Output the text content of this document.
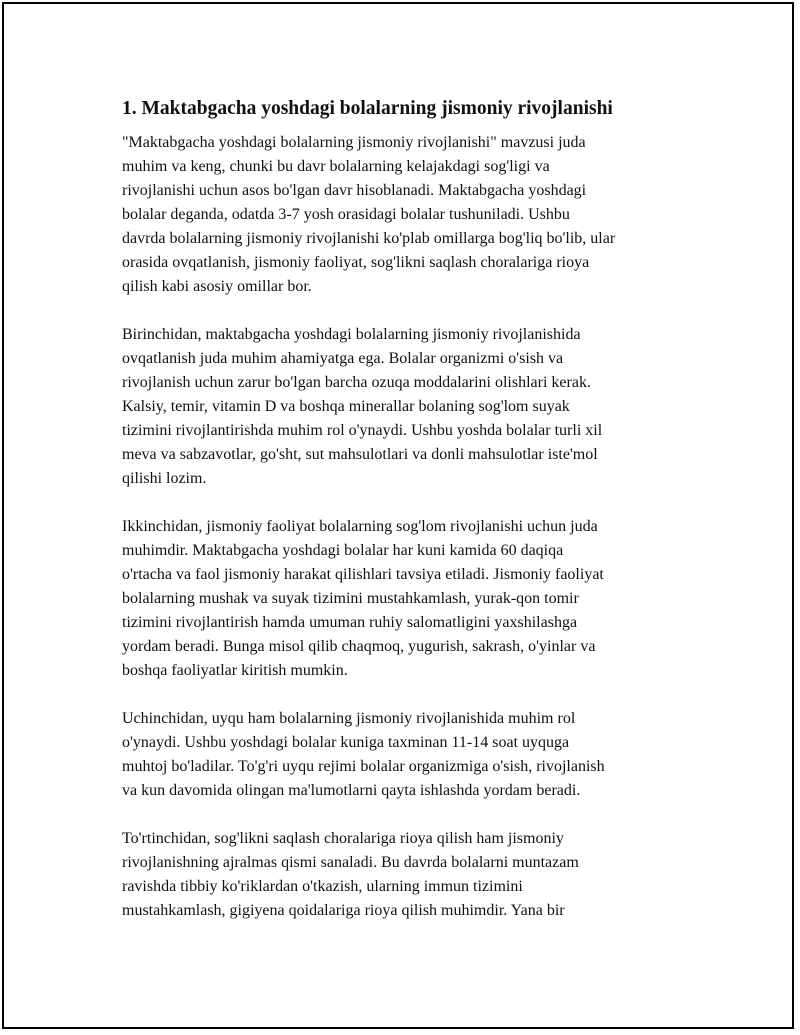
1. Maktabgacha yoshdagi bolalarning jismoniy rivojlanishi
"Maktabgacha yoshdagi bolalarning jismoniy rivojlanishi" mavzusi juda
muhim va keng, chunki bu davr bolalarning kelajakdagi sog'ligi va
rivojlanishi uchun asos bo'lgan davr hisoblanadi. Maktabgacha yoshdagi
bolalar deganda, odatda 3-7 yosh orasidagi bolalar tushuniladi. Ushbu
davrda bolalarning jismoniy rivojlanishi ko'plab omillarga bog'liq bo'lib, ular
orasida ovqatlanish, jismoniy faoliyat, sog'likni saqlash choralariga rioya
qilish kabi asosiy omillar bor.
Birinchidan, maktabgacha yoshdagi bolalarning jismoniy rivojlanishida
ovqatlanish juda muhim ahamiyatga ega. Bolalar organizmi o'sish va
rivojlanish uchun zarur bo'lgan barcha ozuqa moddalarini olishlari kerak.
Kalsiy, temir, vitamin D va boshqa minerallar bolaning sog'lom suyak
tizimini rivojlantirishda muhim rol o'ynaydi. Ushbu yoshda bolalar turli xil
meva va sabzavotlar, go'sht, sut mahsulotlari va donli mahsulotlar iste'mol
qilishi lozim.
Ikkinchidan, jismoniy faoliyat bolalarning sog'lom rivojlanishi uchun juda
muhimdir. Maktabgacha yoshdagi bolalar har kuni kamida 60 daqiqa
o'rtacha va faol jismoniy harakat qilishlari tavsiya etiladi. Jismoniy faoliyat
bolalarning mushak va suyak tizimini mustahkamlash, yurak-qon tomir
tizimini rivojlantirish hamda umuman ruhiy salomatligini yaxshilashga
yordam beradi. Bunga misol qilib chaqmoq, yugurish, sakrash, o'yinlar va
boshqa faoliyatlar kiritish mumkin.
Uchinchidan, uyqu ham bolalarning jismoniy rivojlanishida muhim rol
o'ynaydi. Ushbu yoshdagi bolalar kuniga taxminan 11-14 soat uyquga
muhtoj bo'ladilar. To'g'ri uyqu rejimi bolalar organizmiga o'sish, rivojlanish
va kun davomida olingan ma'lumotlarni qayta ishlashda yordam beradi.
To'rtinchidan, sog'likni saqlash choralariga rioya qilish ham jismoniy
rivojlanishning ajralmas qismi sanaladi. Bu davrda bolalarni muntazam
ravishda tibbiy ko'riklardan o'tkazish, ularning immun tizimini
mustahkamlash, gigiyena qoidalariga rioya qilish muhimdir. Yana bir
